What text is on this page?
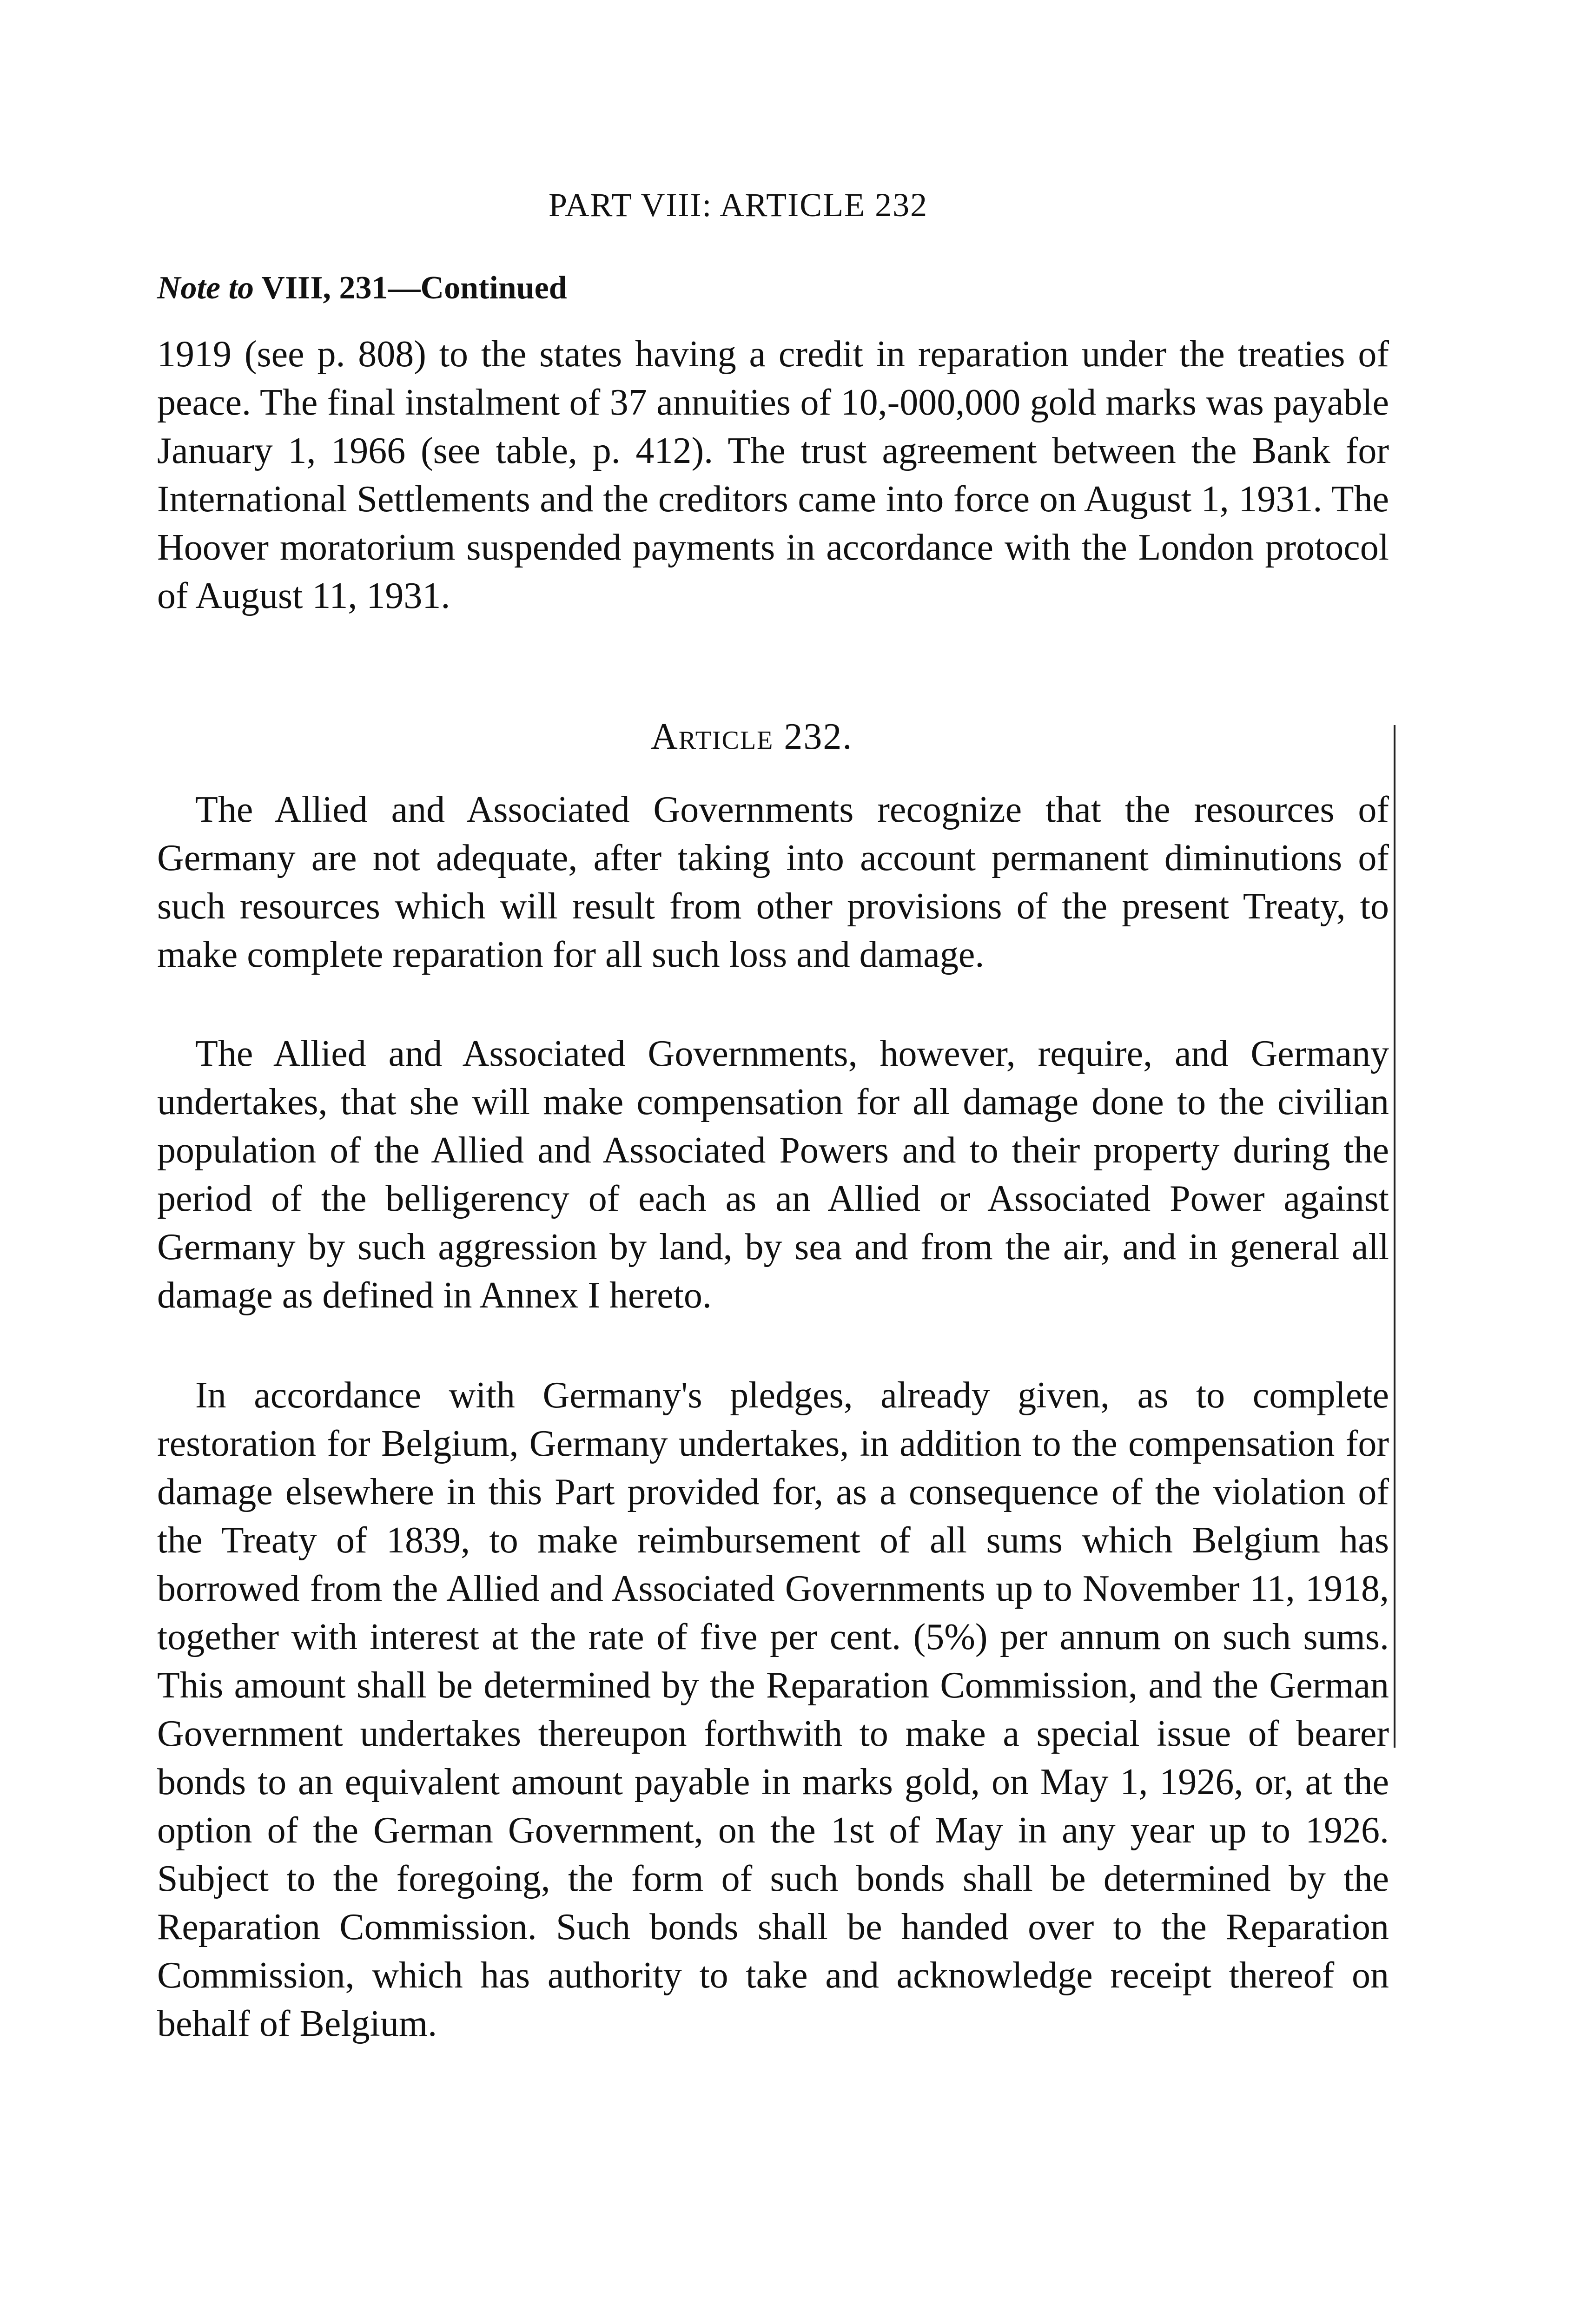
PART VIII: ARTICLE 232
Note to VIII, 231—Continued

1919 (see p. 808) to the states having a credit in reparation under the treaties of peace. The final instalment of 37 annuities of 10,-000,000 gold marks was payable January 1, 1966 (see table, p. 412). The trust agreement between the Bank for International Settlements and the creditors came into force on August 1, 1931. The Hoover moratorium suspended payments in accordance with the London protocol of August 11, 1931.

Article 232.

The Allied and Associated Governments recognize that the resources of Germany are not adequate, after taking into account permanent diminutions of such resources which will result from other provisions of the present Treaty, to make complete reparation for all such loss and damage.

The Allied and Associated Governments, however, require, and Germany undertakes, that she will make compensation for all damage done to the civilian population of the Allied and Associated Powers and to their property during the period of the belligerency of each as an Allied or Associated Power against Germany by such aggression by land, by sea and from the air, and in general all damage as defined in Annex I hereto.

In accordance with Germany's pledges, already given, as to complete restoration for Belgium, Germany undertakes, in addition to the compensation for damage elsewhere in this Part provided for, as a consequence of the violation of the Treaty of 1839, to make reimbursement of all sums which Belgium has borrowed from the Allied and Associated Governments up to November 11, 1918, together with interest at the rate of five per cent. (5%) per annum on such sums. This amount shall be determined by the Reparation Commission, and the German Government undertakes thereupon forthwith to make a special issue of bearer bonds to an equivalent amount payable in marks gold, on May 1, 1926, or, at the option of the German Government, on the 1st of May in any year up to 1926. Subject to the foregoing, the form of such bonds shall be determined by the Reparation Commission. Such bonds shall be handed over to the Reparation Commission, which has authority to take and acknowledge receipt thereof on behalf of Belgium.
